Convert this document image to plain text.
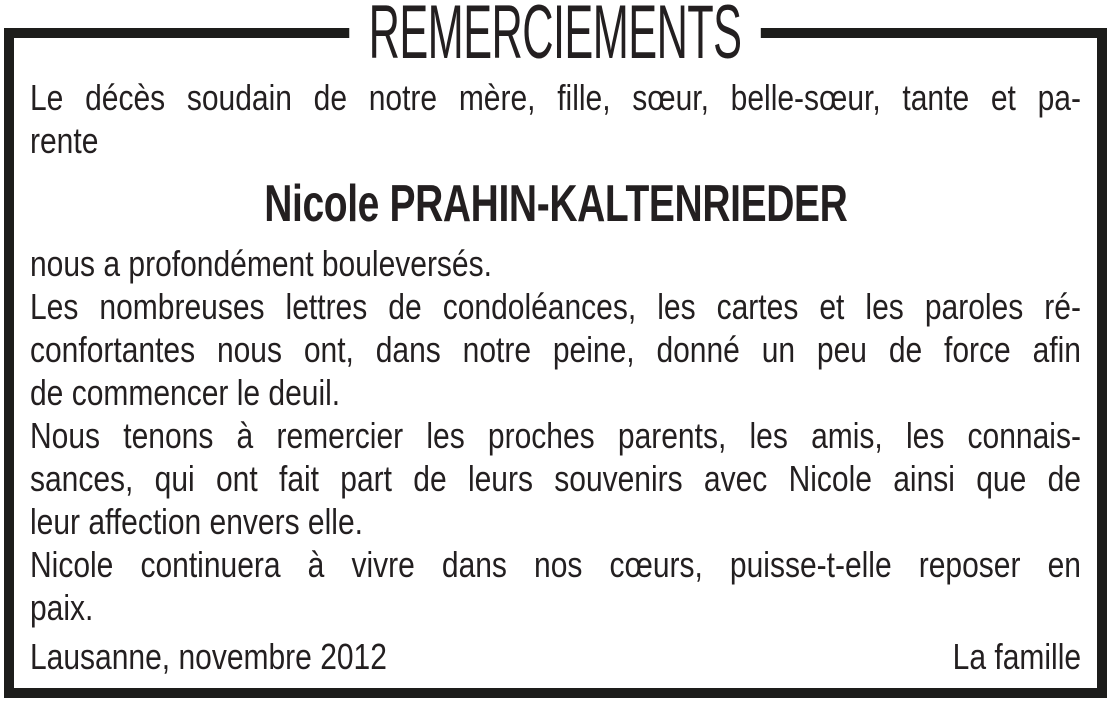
REMERCIEMENTS
Le décès soudain de notre mère, fille, sœur, belle-sœur, tante et pa-
rente
Nicole PRAHIN-KALTENRIEDER
nous a profondément bouleversés.
Les nombreuses lettres de condoléances, les cartes et les paroles ré-
confortantes nous ont, dans notre peine, donné un peu de force afin
de commencer le deuil.
Nous tenons à remercier les proches parents, les amis, les connais-
sances, qui ont fait part de leurs souvenirs avec Nicole ainsi que de
leur affection envers elle.
Nicole continuera à vivre dans nos cœurs, puisse-t-elle reposer en
paix.
Lausanne, novembre 2012	La famille
